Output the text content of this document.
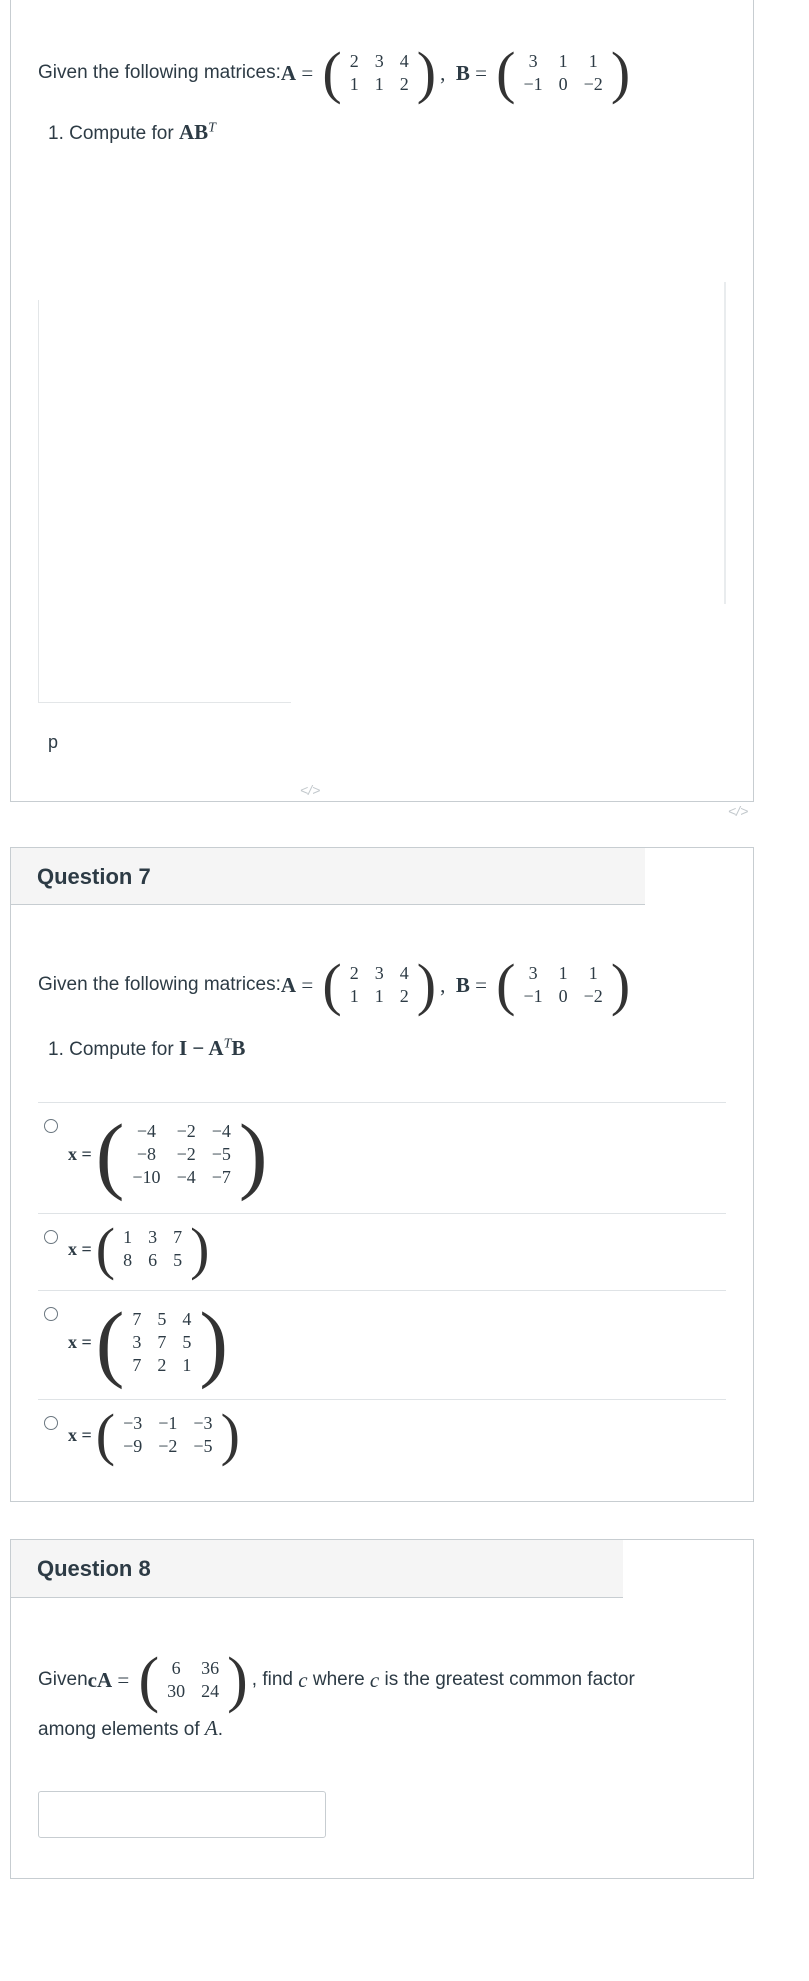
Given the following matrices: A = ( 2	3	4
1	1	2 ) , B = ( 3	1	1
−1	0	−2 )
1. Compute for $AB^T$
p
</>
</>
Question 7
Given the following matrices: A = ( 2	3	4
1	1	2 ) , B = ( 3	1	1
−1	0	−2 )
1. Compute for $I - A^TB$
x = ( −4	−2	−4
−8	−2	−5
−10	−4	−7 )
x = ( 1	3	7
8	6	5 )
x = ( 7	5	4
3	7	5
7	2	1 )
x = ( −3	−1	−3
−9	−2	−5 )
Question 8
Given cA = ( 6	36
30	24 ) , find c where c is the greatest common factor
among elements of A.
